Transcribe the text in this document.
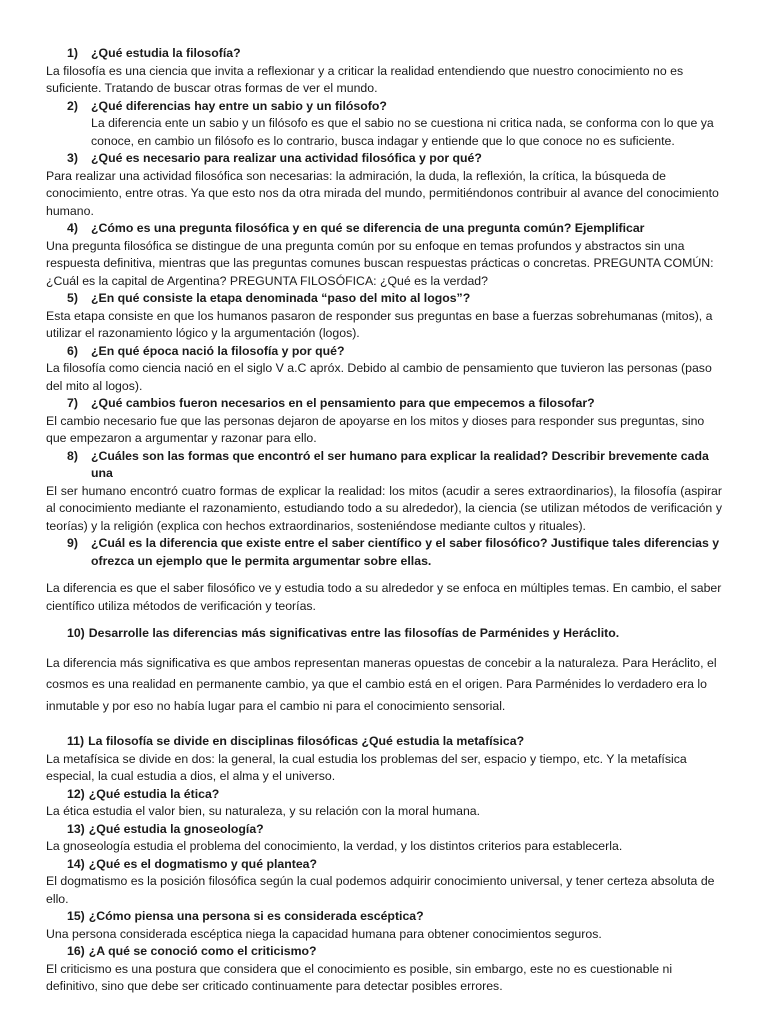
1)	¿Qué estudia la filosofía?

La filosofía es una ciencia que invita a reflexionar y a criticar la realidad entendiendo que nuestro conocimiento no es suficiente. Tratando de buscar otras formas de ver el mundo.

2)	¿Qué diferencias hay entre un sabio y un filósofo?

La diferencia ente un sabio y un filósofo es que el sabio no se cuestiona ni critica nada, se conforma con lo que ya conoce, en cambio un filósofo es lo contrario, busca indagar y entiende que lo que conoce no es suficiente.

3)	¿Qué es necesario para realizar una actividad filosófica y por qué?

Para realizar una actividad filosófica son necesarias: la admiración, la duda, la reflexión, la crítica, la búsqueda de conocimiento, entre otras. Ya que esto nos da otra mirada del mundo, permitiéndonos contribuir al avance del conocimiento humano.

4)	¿Cómo es una pregunta filosófica y en qué se diferencia de una pregunta común? Ejemplificar

Una pregunta filosófica se distingue de una pregunta común por su enfoque en temas profundos y abstractos sin una respuesta definitiva, mientras que las preguntas comunes buscan respuestas prácticas o concretas. PREGUNTA COMÚN: ¿Cuál es la capital de Argentina? PREGUNTA FILOSÓFICA: ¿Qué es la verdad?

5)	¿En qué consiste la etapa denominada “paso del mito al logos”?

Esta etapa consiste en que los humanos pasaron de responder sus preguntas en base a fuerzas sobrehumanas (mitos), a utilizar el razonamiento lógico y la argumentación (logos).

6)	¿En qué época nació la filosofía y por qué?

La filosofía como ciencia nació en el siglo V a.C apróx. Debido al cambio de pensamiento que tuvieron las personas (paso del mito al logos).

7)	¿Qué cambios fueron necesarios en el pensamiento para que empecemos a filosofar?

El cambio necesario fue que las personas dejaron de apoyarse en los mitos y dioses para responder sus preguntas, sino que empezaron a argumentar y razonar para ello.

8)	¿Cuáles son las formas que encontró el ser humano para explicar la realidad? Describir brevemente cada una

El ser humano encontró cuatro formas de explicar la realidad: los mitos (acudir a seres extraordinarios), la filosofía (aspirar al conocimiento mediante el razonamiento, estudiando todo a su alrededor), la ciencia (se utilizan métodos de verificación y teorías) y la religión (explica con hechos extraordinarios, sosteniéndose mediante cultos y rituales).

9)	¿Cuál es la diferencia que existe entre el saber científico y el saber filosófico? Justifique tales diferencias y ofrezca un ejemplo que le permita argumentar sobre ellas.

La diferencia es que el saber filosófico ve y estudia todo a su alrededor y se enfoca en múltiples temas. En cambio, el saber científico utiliza métodos de verificación y teorías.

10) Desarrolle las diferencias más significativas entre las filosofías de Parménides y Heráclito.

La diferencia más significativa es que ambos representan maneras opuestas de concebir a la naturaleza. Para Heráclito, el cosmos es una realidad en permanente cambio, ya que el cambio está en el origen. Para Parménides lo verdadero era lo inmutable y por eso no había lugar para el cambio ni para el conocimiento sensorial.

11) La filosofía se divide en disciplinas filosóficas ¿Qué estudia la metafísica?

La metafísica se divide en dos: la general, la cual estudia los problemas del ser, espacio y tiempo, etc. Y la metafísica especial, la cual estudia a dios, el alma y el universo.

12) ¿Qué estudia la ética?

La ética estudia el valor bien, su naturaleza, y su relación con la moral humana.

13) ¿Qué estudia la gnoseología?

La gnoseología estudia el problema del conocimiento, la verdad, y los distintos criterios para establecerla.

14) ¿Qué es el dogmatismo y qué plantea?

El dogmatismo es la posición filosófica según la cual podemos adquirir conocimiento universal, y tener certeza absoluta de ello.

15) ¿Cómo piensa una persona si es considerada escéptica?

Una persona considerada escéptica niega la capacidad humana para obtener conocimientos seguros.

16) ¿A qué se conoció como el criticismo?

El criticismo es una postura que considera que el conocimiento es posible, sin embargo, este no es cuestionable ni definitivo, sino que debe ser criticado continuamente para detectar posibles errores.
